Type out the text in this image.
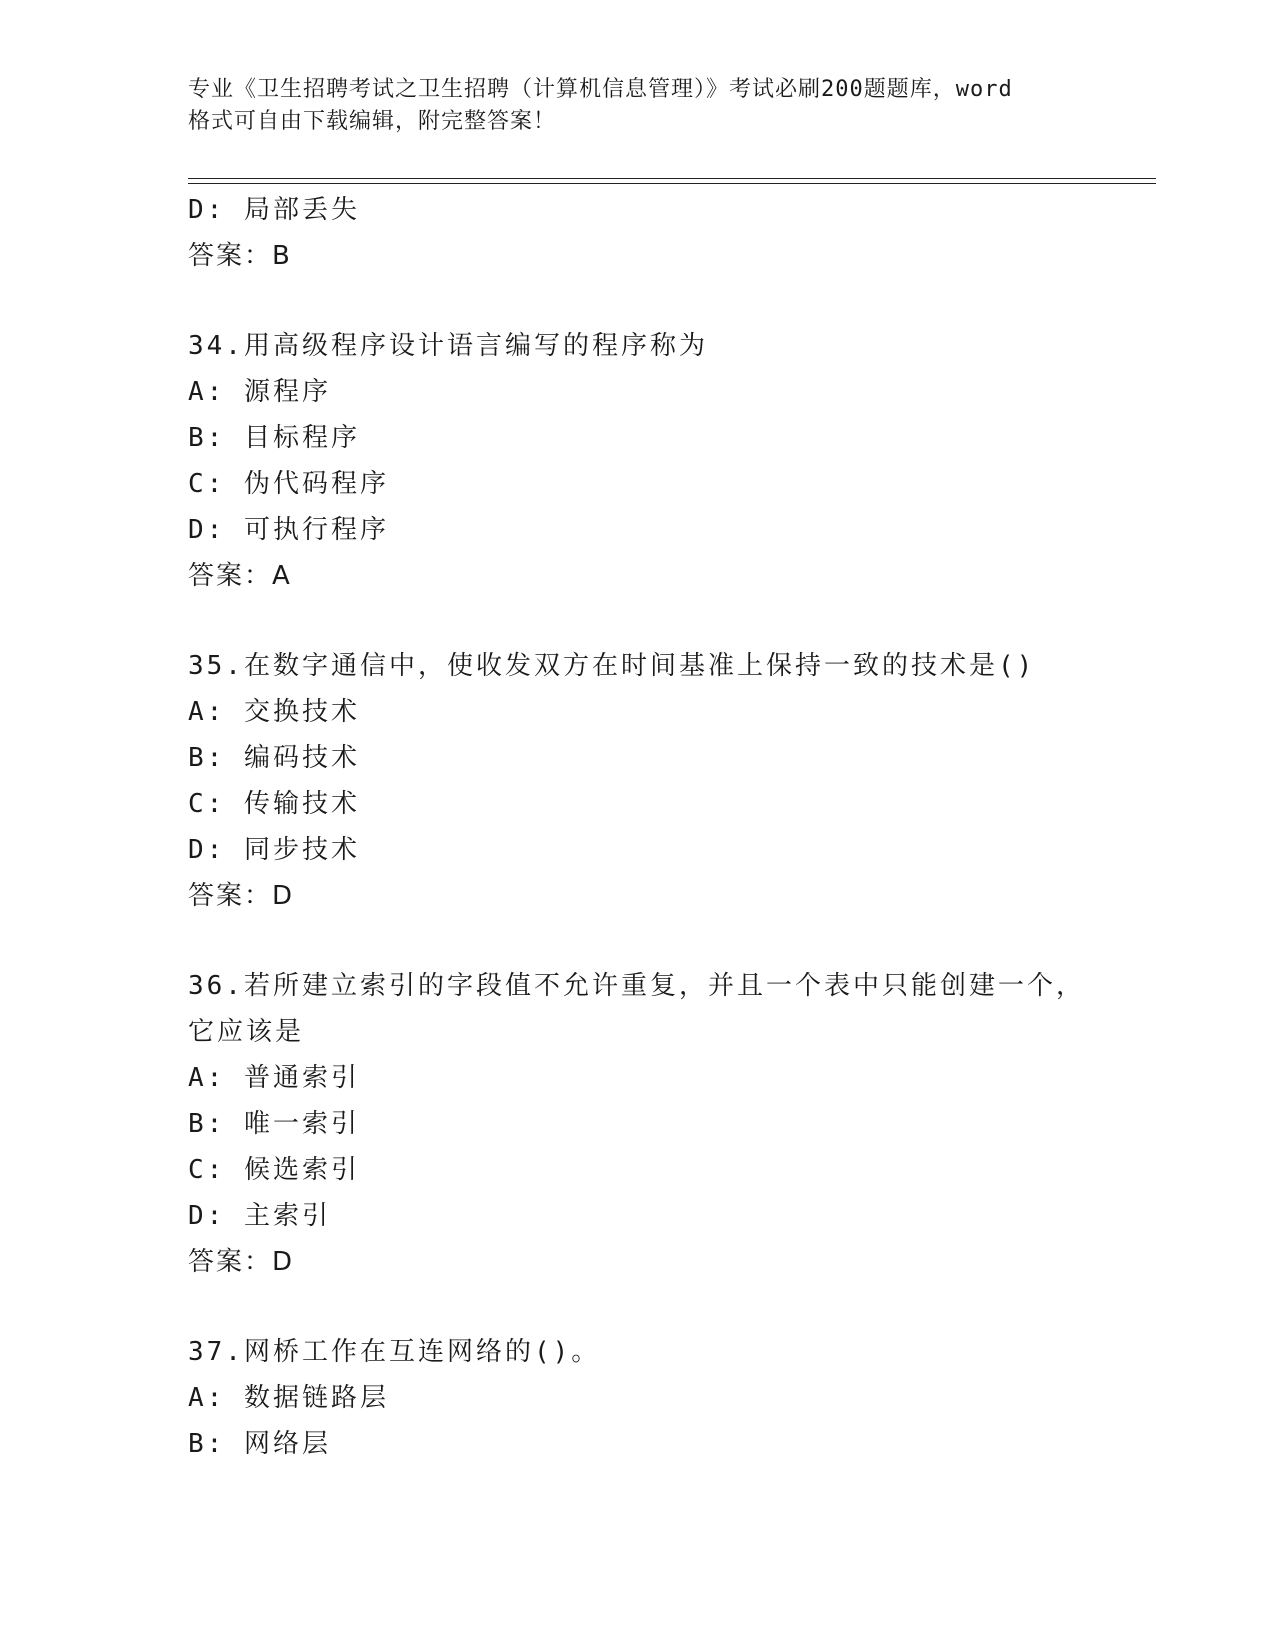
专业《卫生招聘考试之卫生招聘（计算机信息管理）》考试必刷200题题库，word
格式可自由下载编辑，附完整答案！
D: 局部丢失
答案：B
34.用高级程序设计语言编写的程序称为
A: 源程序
B: 目标程序
C: 伪代码程序
D: 可执行程序
答案：A
35.在数字通信中，使收发双方在时间基准上保持一致的技术是()
A: 交换技术
B: 编码技术
C: 传输技术
D: 同步技术
答案：D
36.若所建立索引的字段值不允许重复，并且一个表中只能创建一个，
它应该是
A: 普通索引
B: 唯一索引
C: 候选索引
D: 主索引
答案：D
37.网桥工作在互连网络的()。
A: 数据链路层
B: 网络层
